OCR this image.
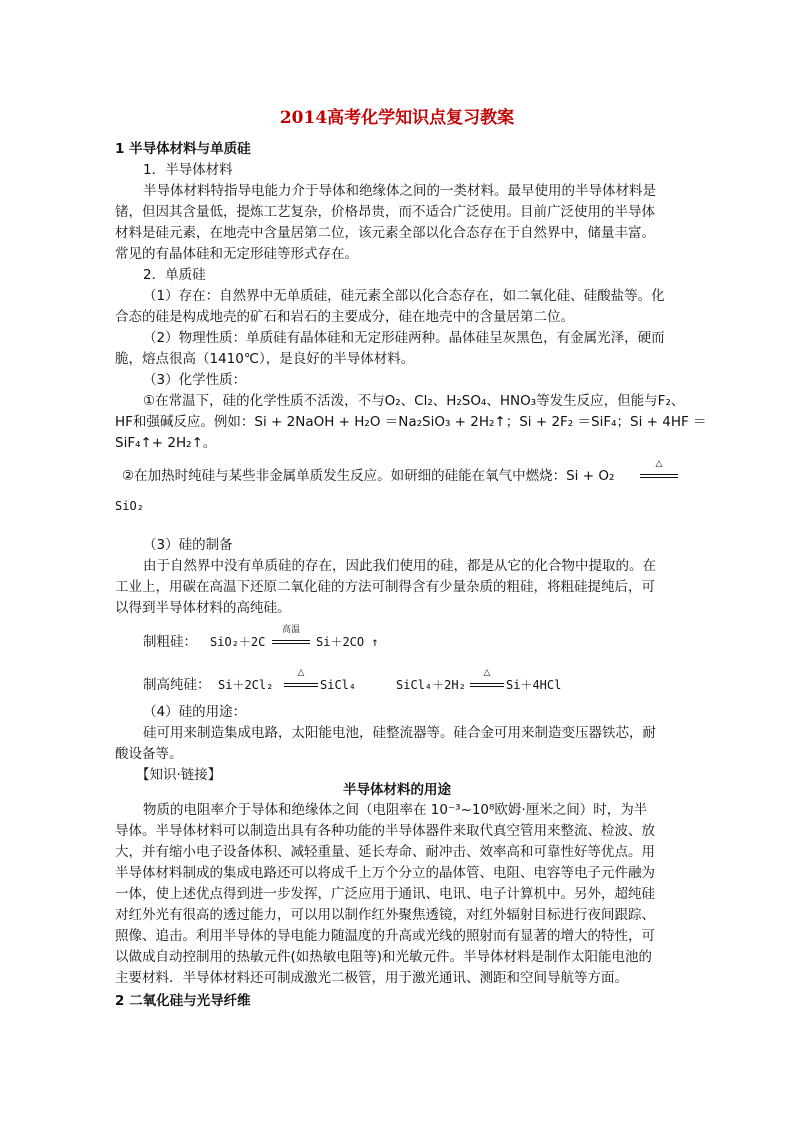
2014高考化学知识点复习教案
1 半导体材料与单质硅
1．半导体材料
半导体材料特指导电能力介于导体和绝缘体之间的一类材料。最早使用的半导体材料是
锗，但因其含量低，提炼工艺复杂，价格昂贵，而不适合广泛使用。目前广泛使用的半导体
材料是硅元素，在地壳中含量居第二位，该元素全部以化合态存在于自然界中，储量丰富。
常见的有晶体硅和无定形硅等形式存在。
2．单质硅
（1）存在：自然界中无单质硅，硅元素全部以化合态存在，如二氧化硅、硅酸盐等。化
合态的硅是构成地壳的矿石和岩石的主要成分，硅在地壳中的含量居第二位。
（2）物理性质：单质硅有晶体硅和无定形硅两种。晶体硅呈灰黑色，有金属光泽，硬而
脆，熔点很高（1410℃），是良好的半导体材料。
（3）化学性质：
①在常温下，硅的化学性质不活泼，不与O₂、Cl₂、H₂SO₄、HNO₃等发生反应，但能与F₂、
HF和强碱反应。例如：Si + 2NaOH + H₂O ＝Na₂SiO₃ + 2H₂↑；Si + 2F₂ ＝SiF₄；Si + 4HF ＝
SiF₄↑+ 2H₂↑。
②在加热时纯硅与某些非金属单质发生反应。如研细的硅能在氧气中燃烧：Si + O₂
△
SiO₂
（3）硅的制备
由于自然界中没有单质硅的存在，因此我们使用的硅，都是从它的化合物中提取的。在
工业上，用碳在高温下还原二氧化硅的方法可制得含有少量杂质的粗硅，将粗硅提纯后，可
以得到半导体材料的高纯硅。
制粗硅： SiO₂＋2C
高温
Si＋2CO ↑
制高纯硅： Si＋2Cl₂
△
SiCl₄	SiCl₄＋2H₂
△
Si＋4HCl
（4）硅的用途：
硅可用来制造集成电路，太阳能电池，硅整流器等。硅合金可用来制造变压器铁芯，耐
酸设备等。
【知识·链接】
半导体材料的用途
物质的电阻率介于导体和绝缘体之间（电阻率在 10⁻³~10⁸欧姆·厘米之间）时，为半
导体。半导体材料可以制造出具有各种功能的半导体器件来取代真空管用来整流、检波、放
大，并有缩小电子设备体积、减轻重量、延长寿命、耐冲击、效率高和可靠性好等优点。用
半导体材料制成的集成电路还可以将成千上万个分立的晶体管、电阻、电容等电子元件融为
一体，使上述优点得到进一步发挥，广泛应用于通讯、电讯、电子计算机中。另外，超纯硅
对红外光有很高的透过能力，可以用以制作红外聚焦透镜，对红外辐射目标进行夜间跟踪、
照像、追击。利用半导体的导电能力随温度的升高或光线的照射而有显著的增大的特性，可
以做成自动控制用的热敏元件(如热敏电阻等)和光敏元件。半导体材料是制作太阳能电池的
主要材料．半导体材料还可制成激光二极管，用于激光通讯、测距和空间导航等方面。
2 二氧化硅与光导纤维
